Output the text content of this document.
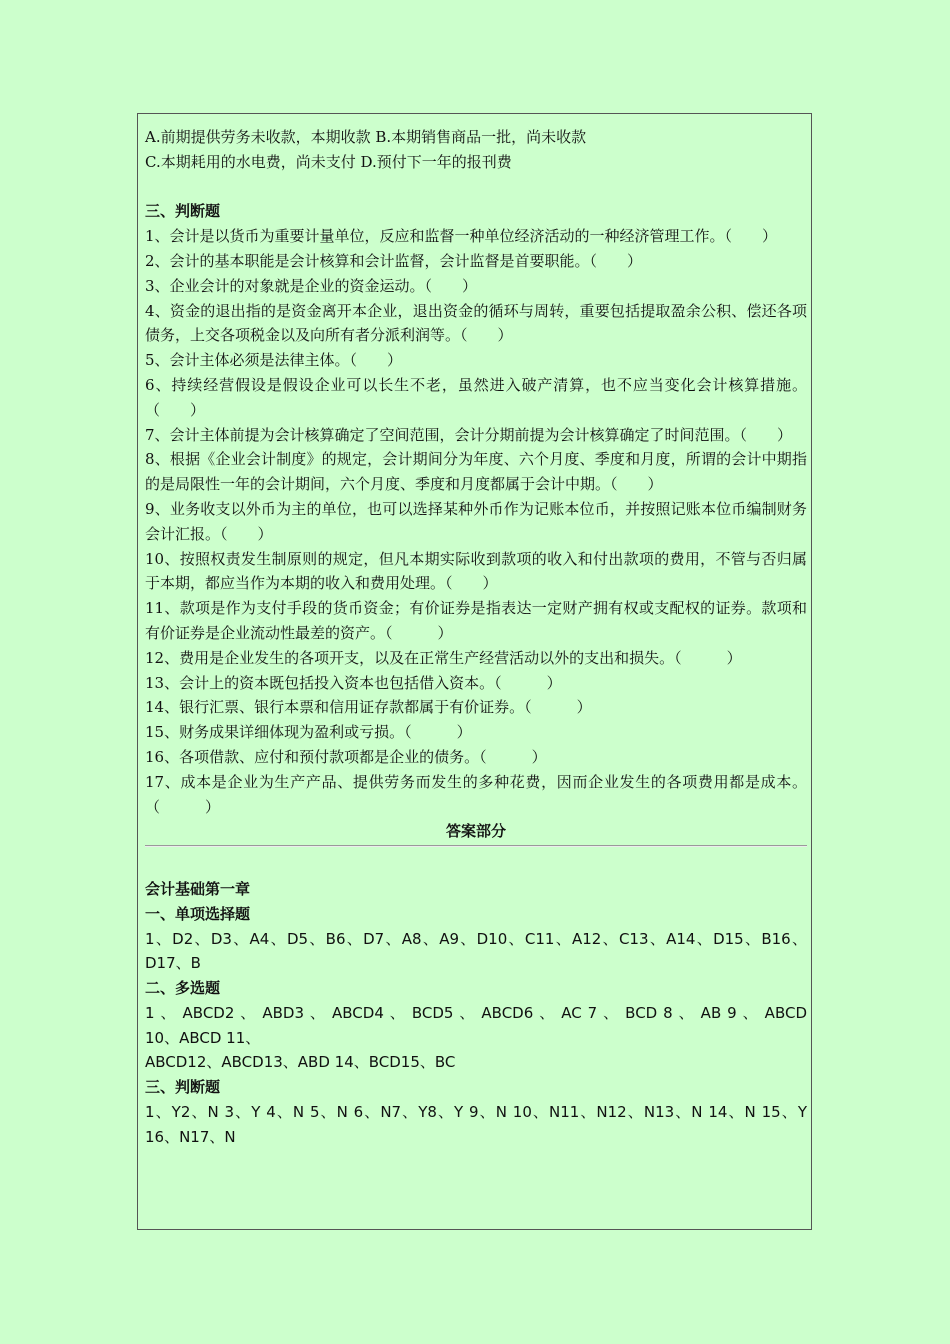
A.前期提供劳务未收款，本期收款 B.本期销售商品一批，尚未收款
C.本期耗用的水电费，尚未支付 D.预付下一年的报刊费
三、判断题
1、会计是以货币为重要计量单位，反应和监督一种单位经济活动的一种经济管理工作。（　　）
2、会计的基本职能是会计核算和会计监督，会计监督是首要职能。（　　）
3、企业会计的对象就是企业的资金运动。（　　）
4、资金的退出指的是资金离开本企业，退出资金的循环与周转，重要包括提取盈余公积、偿还各项债务，上交各项税金以及向所有者分派利润等。（　　）
5、会计主体必须是法律主体。（　　）
6、持续经营假设是假设企业可以长生不老，虽然进入破产清算，也不应当变化会计核算措施。（　　）
7、会计主体前提为会计核算确定了空间范围，会计分期前提为会计核算确定了时间范围。（　　）
8、根据《企业会计制度》的规定，会计期间分为年度、六个月度、季度和月度，所谓的会计中期指的是局限性一年的会计期间，六个月度、季度和月度都属于会计中期。（　　）
9、业务收支以外币为主的单位，也可以选择某种外币作为记账本位币，并按照记账本位币编制财务会计汇报。（　　）
10、按照权责发生制原则的规定，但凡本期实际收到款项的收入和付出款项的费用，不管与否归属于本期，都应当作为本期的收入和费用处理。（　　）
11、款项是作为支付手段的货币资金；有价证券是指表达一定财产拥有权或支配权的证券。款项和有价证券是企业流动性最差的资产。（　　　）
12、费用是企业发生的各项开支，以及在正常生产经营活动以外的支出和损失。（　　　）
13、会计上的资本既包括投入资本也包括借入资本。（　　　）
14、银行汇票、银行本票和信用证存款都属于有价证券。（　　　）
15、财务成果详细体现为盈利或亏损。（　　　）
16、各项借款、应付和预付款项都是企业的债务。（　　　）
17、成本是企业为生产产品、提供劳务而发生的多种花费，因而企业发生的各项费用都是成本。（　　　）
答案部分
会计基础第一章
一、单项选择题
1、D2、D3、A4、D5、B6、D7、A8、A9、D10、C11、A12、C13、A14、D15、B16、
D17、B
二、多选题
1 、 ABCD2 、 ABD3 、 ABCD4 、 BCD5 、 ABCD6 、 AC 7 、 BCD 8 、 AB 9 、 ABCD
10、ABCD 11、
ABCD12、ABCD13、ABD 14、BCD15、BC
三、判断题
1、Y2、N 3、Y 4、N 5、N 6、N7、Y8、Y 9、N 10、N11、N12、N13、N 14、N 15、Y
16、N17、N
